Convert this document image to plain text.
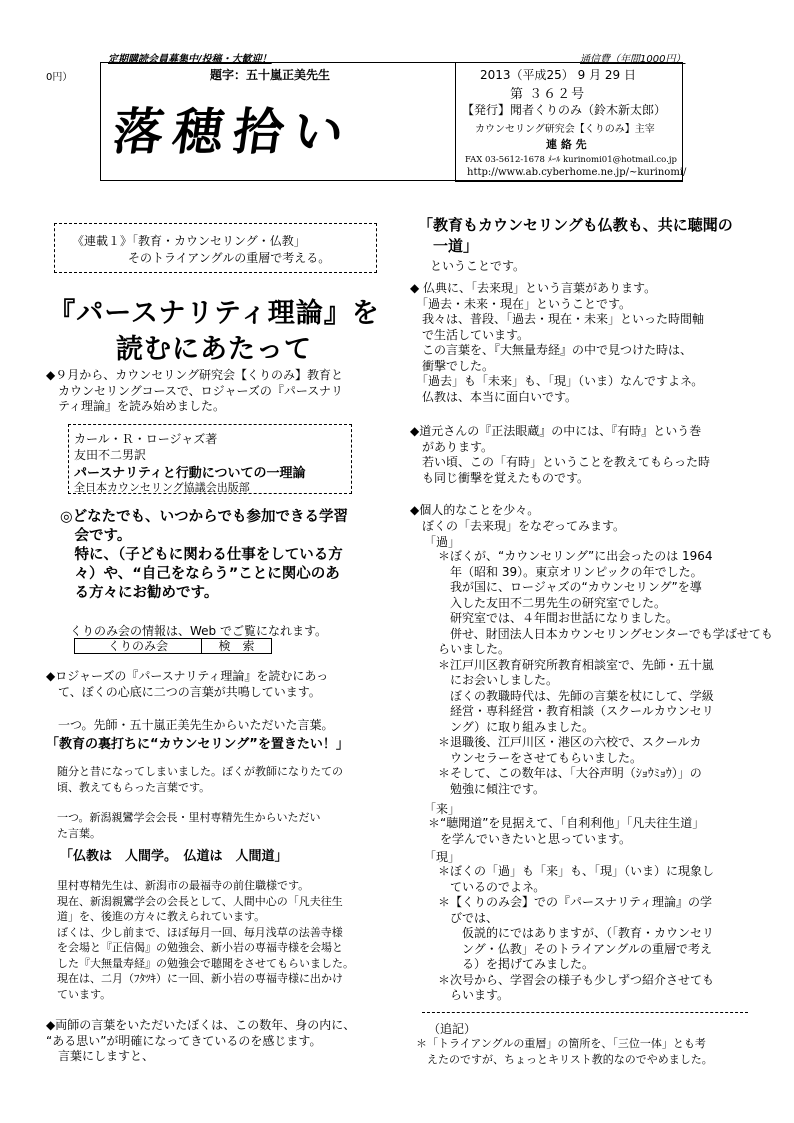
定期購読会員募集中/投稿・大歓迎！	通信費（年間1000円）
0円）	題字：五十嵐正美先生
落穂拾い
2013（平成25） 9 月 29 日
第 ３６２号
【発行】聞者くりのみ（鈴木新太郎）
カウンセリング研究会【くりのみ】主宰
連 絡 先
FAX 03-5612-1678 ﾒｰﾙ kurinomi01@hotmail.co.jp
http://www.ab.cyberhome.ne.jp/~kurinomi/
《連載１》「教育・カウンセリング・仏教」
そのトライアングルの重層で考える。
『パースナリティ理論』を
読むにあたって
◆９月から、カウンセリング研究会【くりのみ】教育と
　カウンセリングコースで、ロジャーズの『パースナリ
　ティ理論』を読み始めました。
カール・Ｒ・ロージャズ著
友田不二男訳
パースナリティと行動についての一理論
全日本カウンセリング協議会出版部
◎どなたでも、いつからでも参加できる学習
　会です。
　特に、（子どもに関わる仕事をしている方
　々）や、“自己をならう”ことに関心のあ
　る方々にお勧めです。
くりのみ会の情報は、Web でご覧になれます。
くりのみ会	検　索
◆ロジャーズの『パースナリティ理論』を読むにあっ
　て、ぼくの心底に二つの言葉が共鳴しています。
　一つ。先師・五十嵐正美先生からいただいた言葉。
「教育の裏打ちに“カウンセリング”を置きたい！」
　随分と昔になってしまいました。ぼくが教師になりたての
　頃、教えてもらった言葉です。
　一つ。新潟親鸞学会会長・里村専精先生からいただい
　た言葉。
「仏教は　人間学。　仏道は　人間道」
　里村専精先生は、新潟市の最福寺の前住職様です。
　現在、新潟親鸞学会の会長として、人間中心の「凡夫往生
　道」を、後進の方々に教えられています。
　ぼくは、少し前まで、ほぼ毎月一回、毎月浅草の法善寺様
　を会場と『正信偈』の勉強会、新小岩の専福寺様を会場と
　した『大無量寿経』の勉強会で聴聞をさせてもらいました。
　現在は、二月（ﾌﾀﾂｷ）に一回、新小岩の専福寺様に出かけ
　ています。
◆両師の言葉をいただいたぼくは、この数年、身の内に、
“ある思い”が明確になってきているのを感じます。
　言葉にしますと、
「教育もカウンセリングも仏教も、共に聴聞の
　一道」
　ということです。
◆ 仏典に、「去来現」という言葉があります。
　「過去・未来・現在」ということです。
　我々は、普段、「過去・現在・未来」といった時間軸
　で生活しています。
　この言葉を、『大無量寿経』の中で見つけた時は、
　衝撃でした。
　「過去」も「未来」も、「現」（いま）なんですよネ。
　仏教は、本当に面白いです。
◆道元さんの『正法眼蔵』の中には、『有時』という巻
　があります。
　若い頃、この「有時」ということを教えてもらった時
　も同じ衝撃を覚えたものです。
◆個人的なことを少々。
　ぼくの「去来現」をなぞってみます。
「過」
＊ぼくが、“カウンセリング”に出会ったのは 1964
　年（昭和 39）。東京オリンピックの年でした。
　我が国に、ロージャズの“カウンセリング”を導
　入した友田不二男先生の研究室でした。
　研究室では、４年間お世話になりました。
　併せ、財団法人日本カウンセリングセンターでも学ばせてもらいました。
＊江戸川区教育研究所教育相談室で、先師・五十嵐
　にお会いしました。
　ぼくの教職時代は、先師の言葉を杖にして、学級
　経営・専科経営・教育相談（スクールカウンセリ
　ング）に取り組みました。
＊退職後、江戸川区・港区の六校で、スクールカ
　ウンセラーをさせてもらいました。
＊そして、この数年は、「大谷声明（ｼｮｳﾐｮｳ）」の
　勉強に傾注です。
「来」
＊“聴聞道”を見据えて、「自利利他」「凡夫往生道」
　を学んでいきたいと思っています。
「現」
＊ぼくの「過」も「来」も、「現」（いま）に現象し
　ているのでよネ。
＊【くりのみ会】での『パースナリティ理論』の学
　びでは、
　　仮説的にではありますが、（「教育・カウンセリ
　　ング・仏教」そのトライアングルの重層で考え
　　る）を掲げてみました。
＊次号から、学習会の様子も少しずつ紹介させても
　らいます。
（追記）
＊「トライアングルの重層」の箇所を、「三位一体」とも考
　えたのですが、ちょっとキリスト教的なのでやめました。
